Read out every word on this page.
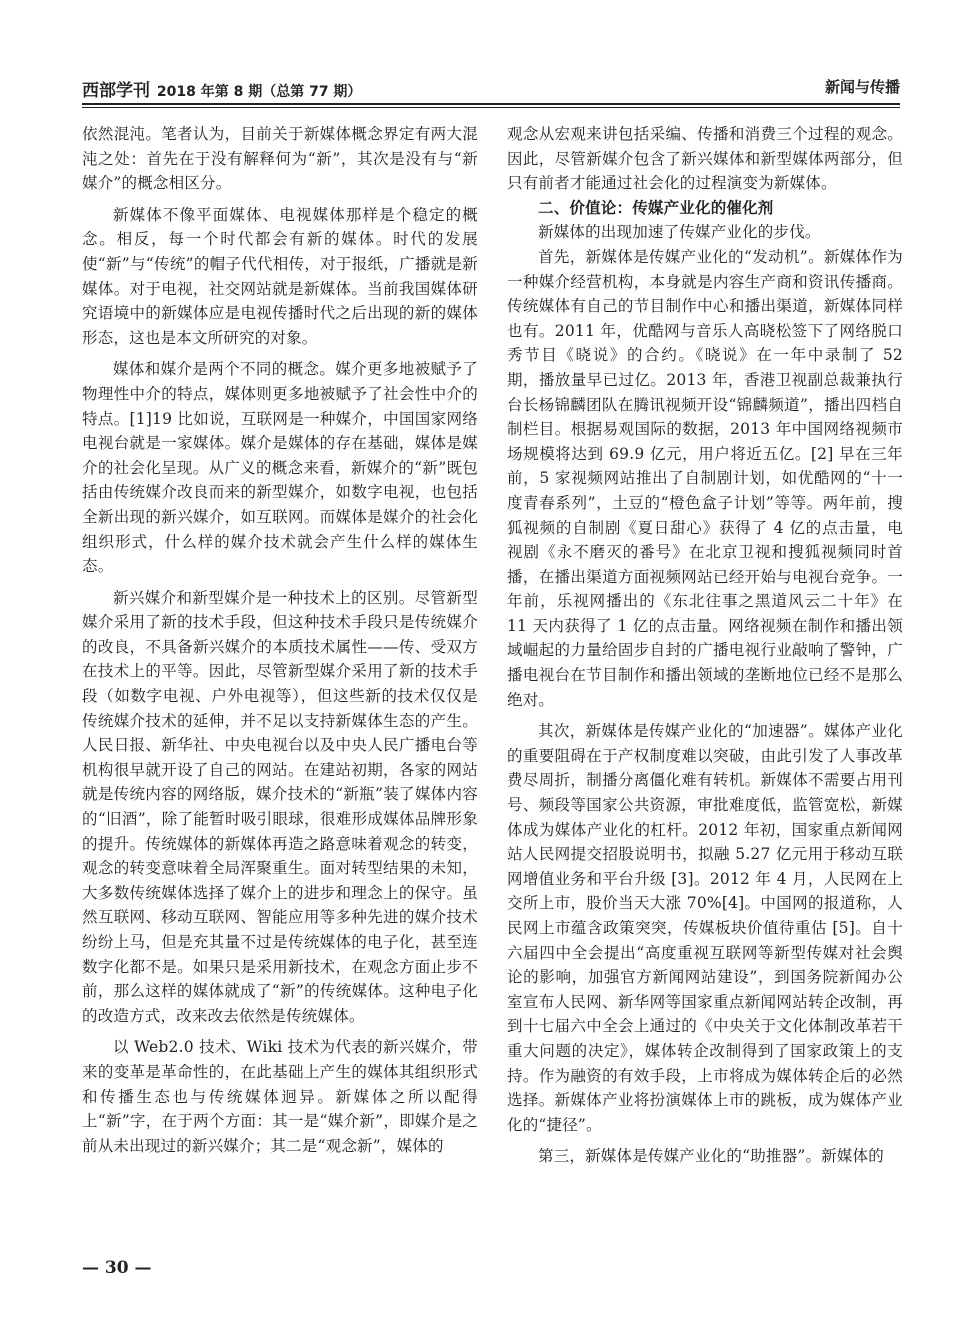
西部学刊 2018 年第 8 期（总第 77 期）	新闻与传播

依然混沌。笔者认为，目前关于新媒体概念界定有两大混沌之处：首先在于没有解释何为“新”，其次是没有与“新媒介”的概念相区分。

新媒体不像平面媒体、电视媒体那样是个稳定的概念。相反，每一个时代都会有新的媒体。时代的发展使“新”与“传统”的帽子代代相传，对于报纸，广播就是新媒体。对于电视，社交网站就是新媒体。当前我国媒体研究语境中的新媒体应是电视传播时代之后出现的新的媒体形态，这也是本文所研究的对象。

媒体和媒介是两个不同的概念。媒介更多地被赋予了物理性中介的特点，媒体则更多地被赋予了社会性中介的特点。[1]19 比如说，互联网是一种媒介，中国国家网络电视台就是一家媒体。媒介是媒体的存在基础，媒体是媒介的社会化呈现。从广义的概念来看，新媒介的“新”既包括由传统媒介改良而来的新型媒介，如数字电视，也包括全新出现的新兴媒介，如互联网。而媒体是媒介的社会化组织形式，什么样的媒介技术就会产生什么样的媒体生态。

新兴媒介和新型媒介是一种技术上的区别。尽管新型媒介采用了新的技术手段，但这种技术手段只是传统媒介的改良，不具备新兴媒介的本质技术属性——传、受双方在技术上的平等。因此，尽管新型媒介采用了新的技术手段（如数字电视、户外电视等），但这些新的技术仅仅是传统媒介技术的延伸，并不足以支持新媒体生态的产生。人民日报、新华社、中央电视台以及中央人民广播电台等机构很早就开设了自己的网站。在建站初期，各家的网站就是传统内容的网络版，媒介技术的“新瓶”装了媒体内容的“旧酒”，除了能暂时吸引眼球，很难形成媒体品牌形象的提升。传统媒体的新媒体再造之路意味着观念的转变，观念的转变意味着全局浑聚重生。面对转型结果的未知，大多数传统媒体选择了媒介上的进步和理念上的保守。虽然互联网、移动互联网、智能应用等多种先进的媒介技术纷纷上马，但是充其量不过是传统媒体的电子化，甚至连数字化都不是。如果只是采用新技术，在观念方面止步不前，那么这样的媒体就成了“新”的传统媒体。这种电子化的改造方式，改来改去依然是传统媒体。

以 Web2.0 技术、Wiki 技术为代表的新兴媒介，带来的变革是革命性的，在此基础上产生的媒体其组织形式和传播生态也与传统媒体迥异。新媒体之所以配得上“新”字，在于两个方面：其一是“媒介新”，即媒介是之前从未出现过的新兴媒介；其二是“观念新”，媒体的

观念从宏观来讲包括采编、传播和消费三个过程的观念。因此，尽管新媒介包含了新兴媒体和新型媒体两部分，但只有前者才能通过社会化的过程演变为新媒体。

二、价值论：传媒产业化的催化剂

新媒体的出现加速了传媒产业化的步伐。

首先，新媒体是传媒产业化的“发动机”。新媒体作为一种媒介经营机构，本身就是内容生产商和资讯传播商。传统媒体有自己的节目制作中心和播出渠道，新媒体同样也有。2011 年，优酷网与音乐人高晓松签下了网络脱口秀节目《晓说》的合约。《晓说》在一年中录制了 52 期，播放量早已过亿。2013 年，香港卫视副总裁兼执行台长杨锦麟团队在腾讯视频开设“锦麟频道”，播出四档自制栏目。根据易观国际的数据，2013 年中国网络视频市场规模将达到 69.9 亿元，用户将近五亿。[2] 早在三年前，5 家视频网站推出了自制剧计划，如优酷网的“十一度青春系列”，土豆的“橙色盒子计划”等等。两年前，搜狐视频的自制剧《夏日甜心》获得了 4 亿的点击量，电视剧《永不磨灭的番号》在北京卫视和搜狐视频同时首播，在播出渠道方面视频网站已经开始与电视台竞争。一年前，乐视网播出的《东北往事之黑道风云二十年》在 11 天内获得了 1 亿的点击量。网络视频在制作和播出领域崛起的力量给固步自封的广播电视行业敲响了警钟，广播电视台在节目制作和播出领域的垄断地位已经不是那么绝对。

其次，新媒体是传媒产业化的“加速器”。媒体产业化的重要阻碍在于产权制度难以突破，由此引发了人事改革费尽周折，制播分离僵化难有转机。新媒体不需要占用刊号、频段等国家公共资源，审批难度低，监管宽松，新媒体成为媒体产业化的杠杆。2012 年初，国家重点新闻网站人民网提交招股说明书，拟融 5.27 亿元用于移动互联网增值业务和平台升级 [3]。2012 年 4 月，人民网在上交所上市，股价当天大涨 70%[4]。中国网的报道称，人民网上市蕴含政策突突，传媒板块价值待重估 [5]。自十六届四中全会提出“高度重视互联网等新型传媒对社会舆论的影响，加强官方新闻网站建设”，到国务院新闻办公室宣布人民网、新华网等国家重点新闻网站转企改制，再到十七届六中全会上通过的《中央关于文化体制改革若干重大问题的决定》，媒体转企改制得到了国家政策上的支持。作为融资的有效手段，上市将成为媒体转企后的必然选择。新媒体产业将扮演媒体上市的跳板，成为媒体产业化的“捷径”。

第三，新媒体是传媒产业化的“助推器”。新媒体的

— 30 —
